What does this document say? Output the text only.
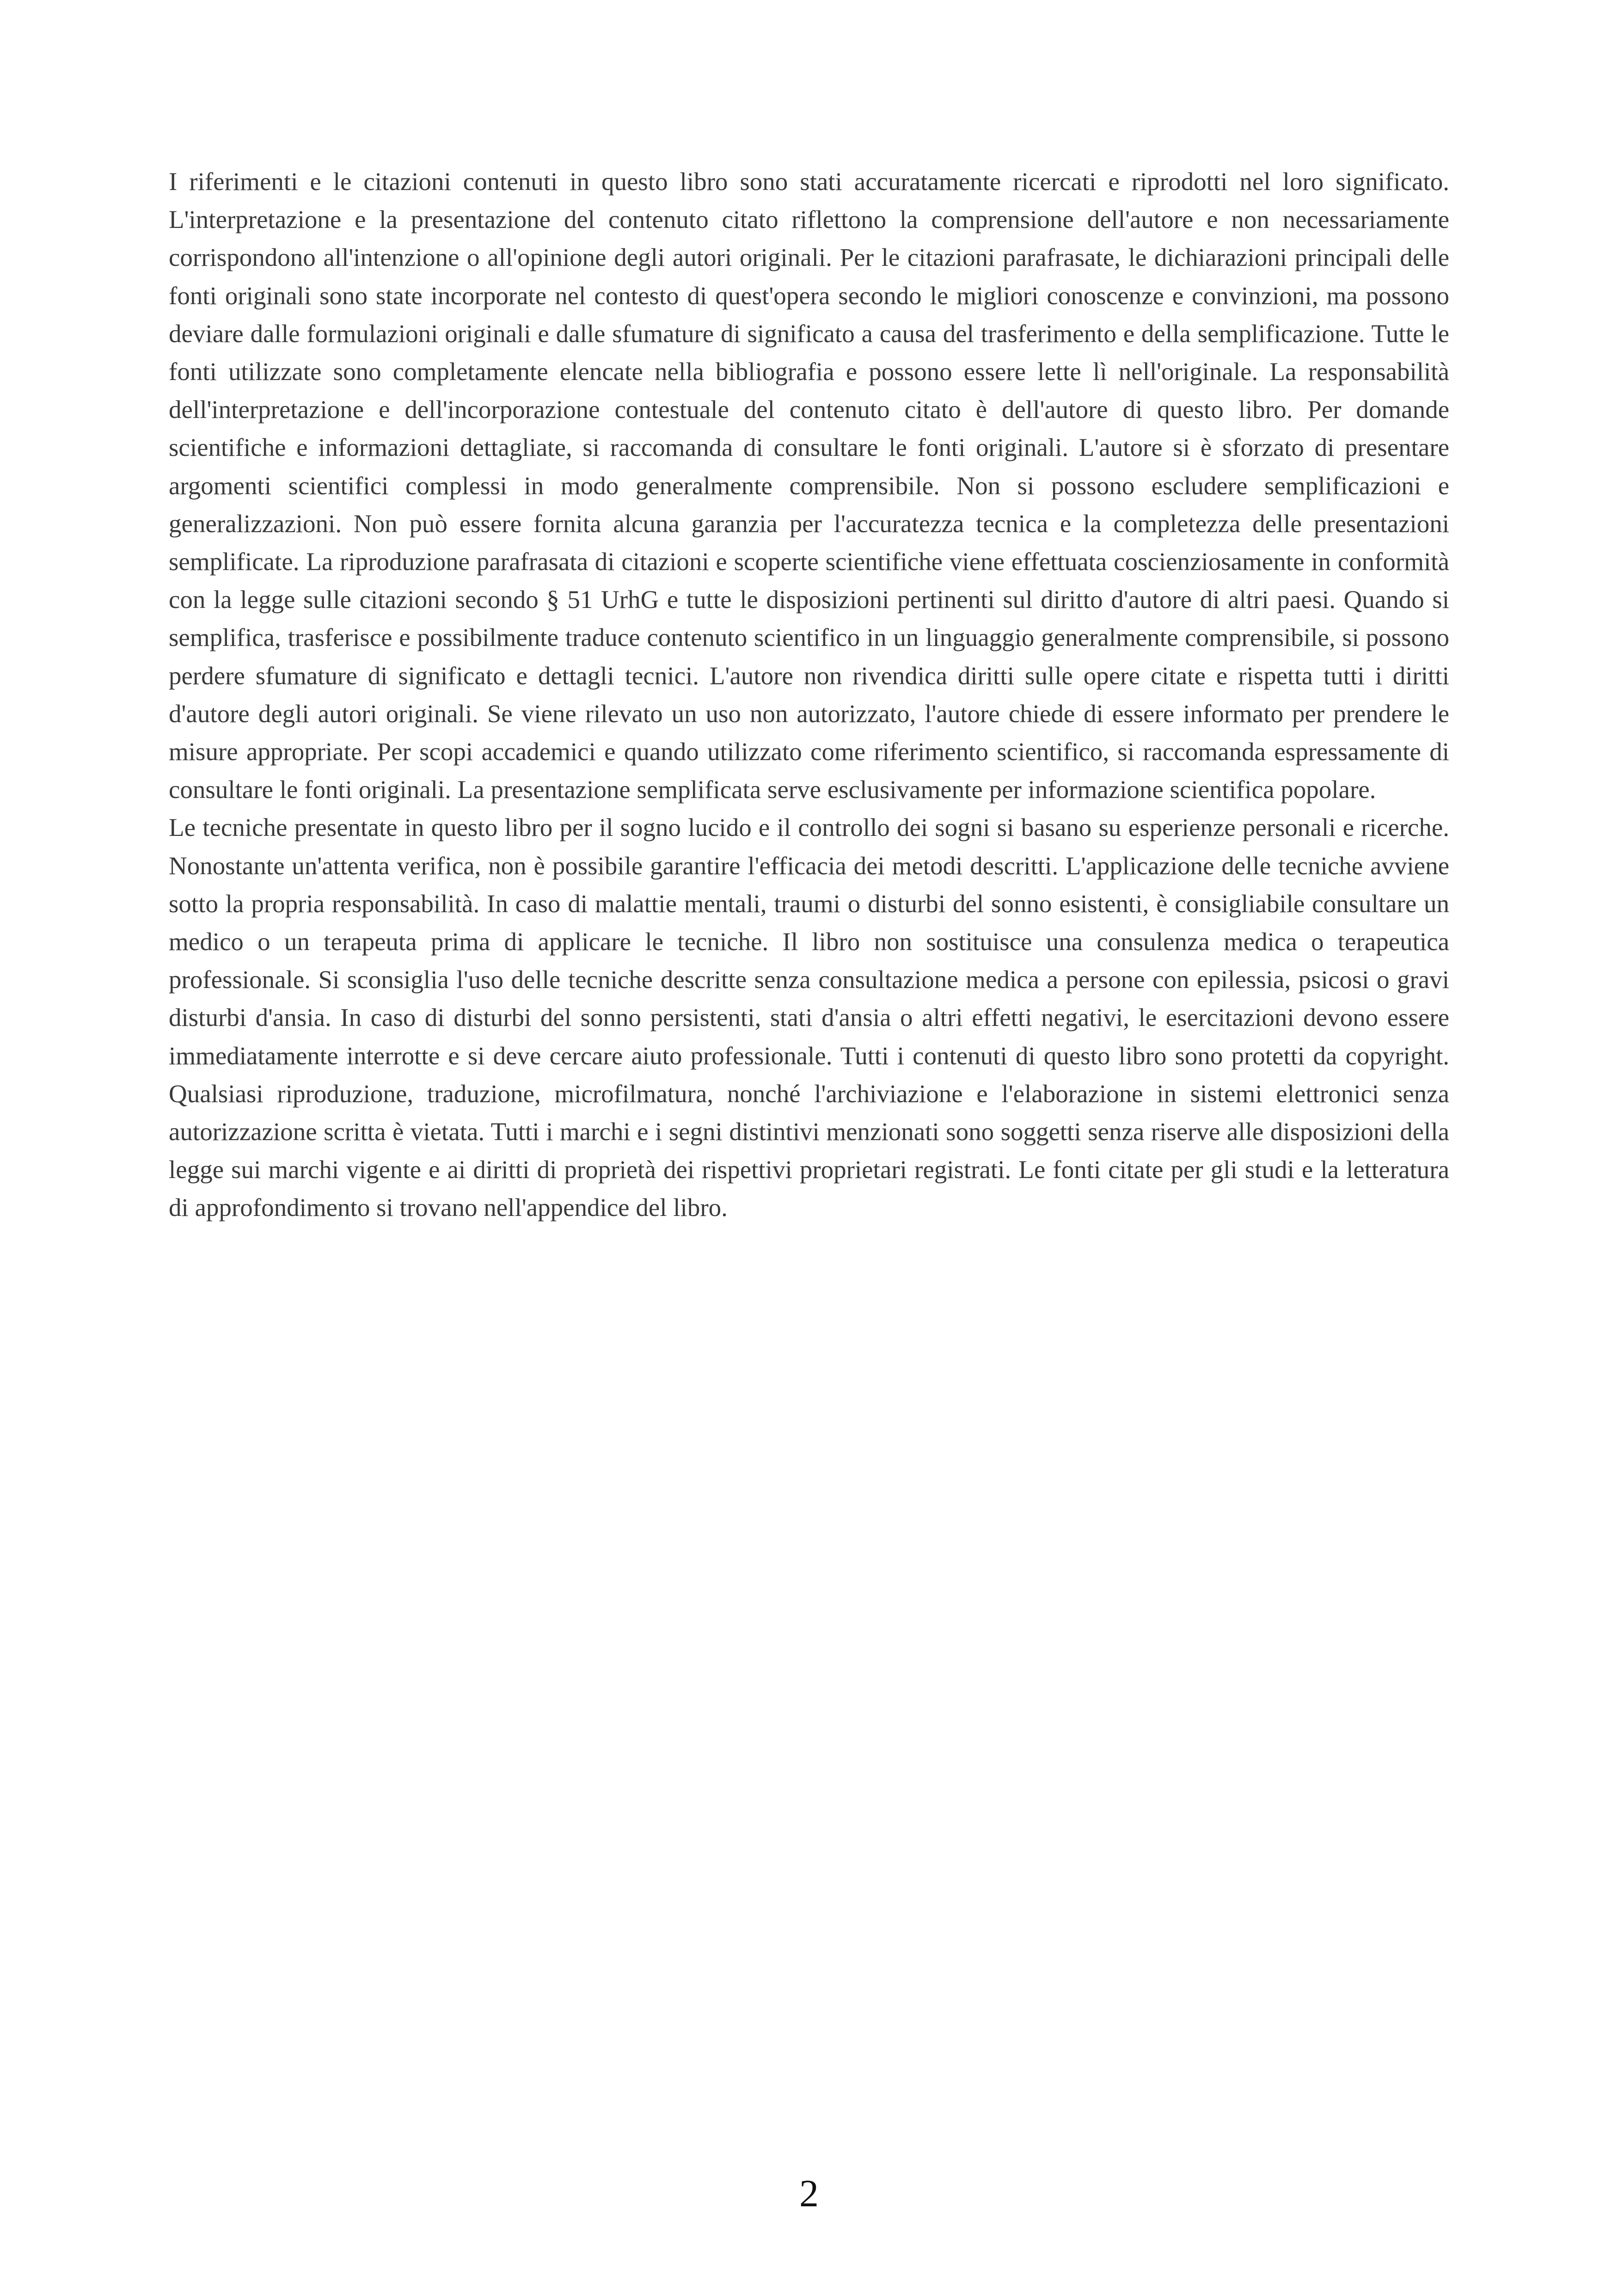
I riferimenti e le citazioni contenuti in questo libro sono stati accuratamente ricercati e riprodotti nel loro significato. L'interpretazione e la presentazione del contenuto citato riflettono la comprensione dell'autore e non necessariamente corrispondono all'intenzione o all'opinione degli autori originali. Per le citazioni parafrasate, le dichiarazioni principali delle fonti originali sono state incorporate nel contesto di quest'opera secondo le migliori conoscenze e convinzioni, ma possono deviare dalle formulazioni originali e dalle sfumature di significato a causa del trasferimento e della semplificazione. Tutte le fonti utilizzate sono completamente elencate nella bibliografia e possono essere lette lì nell'originale. La responsabilità dell'interpretazione e dell'incorporazione contestuale del contenuto citato è dell'autore di questo libro. Per domande scientifiche e informazioni dettagliate, si raccomanda di consultare le fonti originali. L'autore si è sforzato di presentare argomenti scientifici complessi in modo generalmente comprensibile. Non si possono escludere semplificazioni e generalizzazioni. Non può essere fornita alcuna garanzia per l'accuratezza tecnica e la completezza delle presentazioni semplificate. La riproduzione parafrasata di citazioni e scoperte scientifiche viene effettuata coscienziosamente in conformità con la legge sulle citazioni secondo § 51 UrhG e tutte le disposizioni pertinenti sul diritto d'autore di altri paesi. Quando si semplifica, trasferisce e possibilmente traduce contenuto scientifico in un linguaggio generalmente comprensibile, si possono perdere sfumature di significato e dettagli tecnici. L'autore non rivendica diritti sulle opere citate e rispetta tutti i diritti d'autore degli autori originali. Se viene rilevato un uso non autorizzato, l'autore chiede di essere informato per prendere le misure appropriate. Per scopi accademici e quando utilizzato come riferimento scientifico, si raccomanda espressamente di consultare le fonti originali. La presentazione semplificata serve esclusivamente per informazione scientifica popolare.

Le tecniche presentate in questo libro per il sogno lucido e il controllo dei sogni si basano su esperienze personali e ricerche. Nonostante un'attenta verifica, non è possibile garantire l'efficacia dei metodi descritti. L'applicazione delle tecniche avviene sotto la propria responsabilità. In caso di malattie mentali, traumi o disturbi del sonno esistenti, è consigliabile consultare un medico o un terapeuta prima di applicare le tecniche. Il libro non sostituisce una consulenza medica o terapeutica professionale. Si sconsiglia l'uso delle tecniche descritte senza consultazione medica a persone con epilessia, psicosi o gravi disturbi d'ansia. In caso di disturbi del sonno persistenti, stati d'ansia o altri effetti negativi, le esercitazioni devono essere immediatamente interrotte e si deve cercare aiuto professionale. Tutti i contenuti di questo libro sono protetti da copyright. Qualsiasi riproduzione, traduzione, microfilmatura, nonché l'archiviazione e l'elaborazione in sistemi elettronici senza autorizzazione scritta è vietata. Tutti i marchi e i segni distintivi menzionati sono soggetti senza riserve alle disposizioni della legge sui marchi vigente e ai diritti di proprietà dei rispettivi proprietari registrati. Le fonti citate per gli studi e la letteratura di approfondimento si trovano nell'appendice del libro.

2
